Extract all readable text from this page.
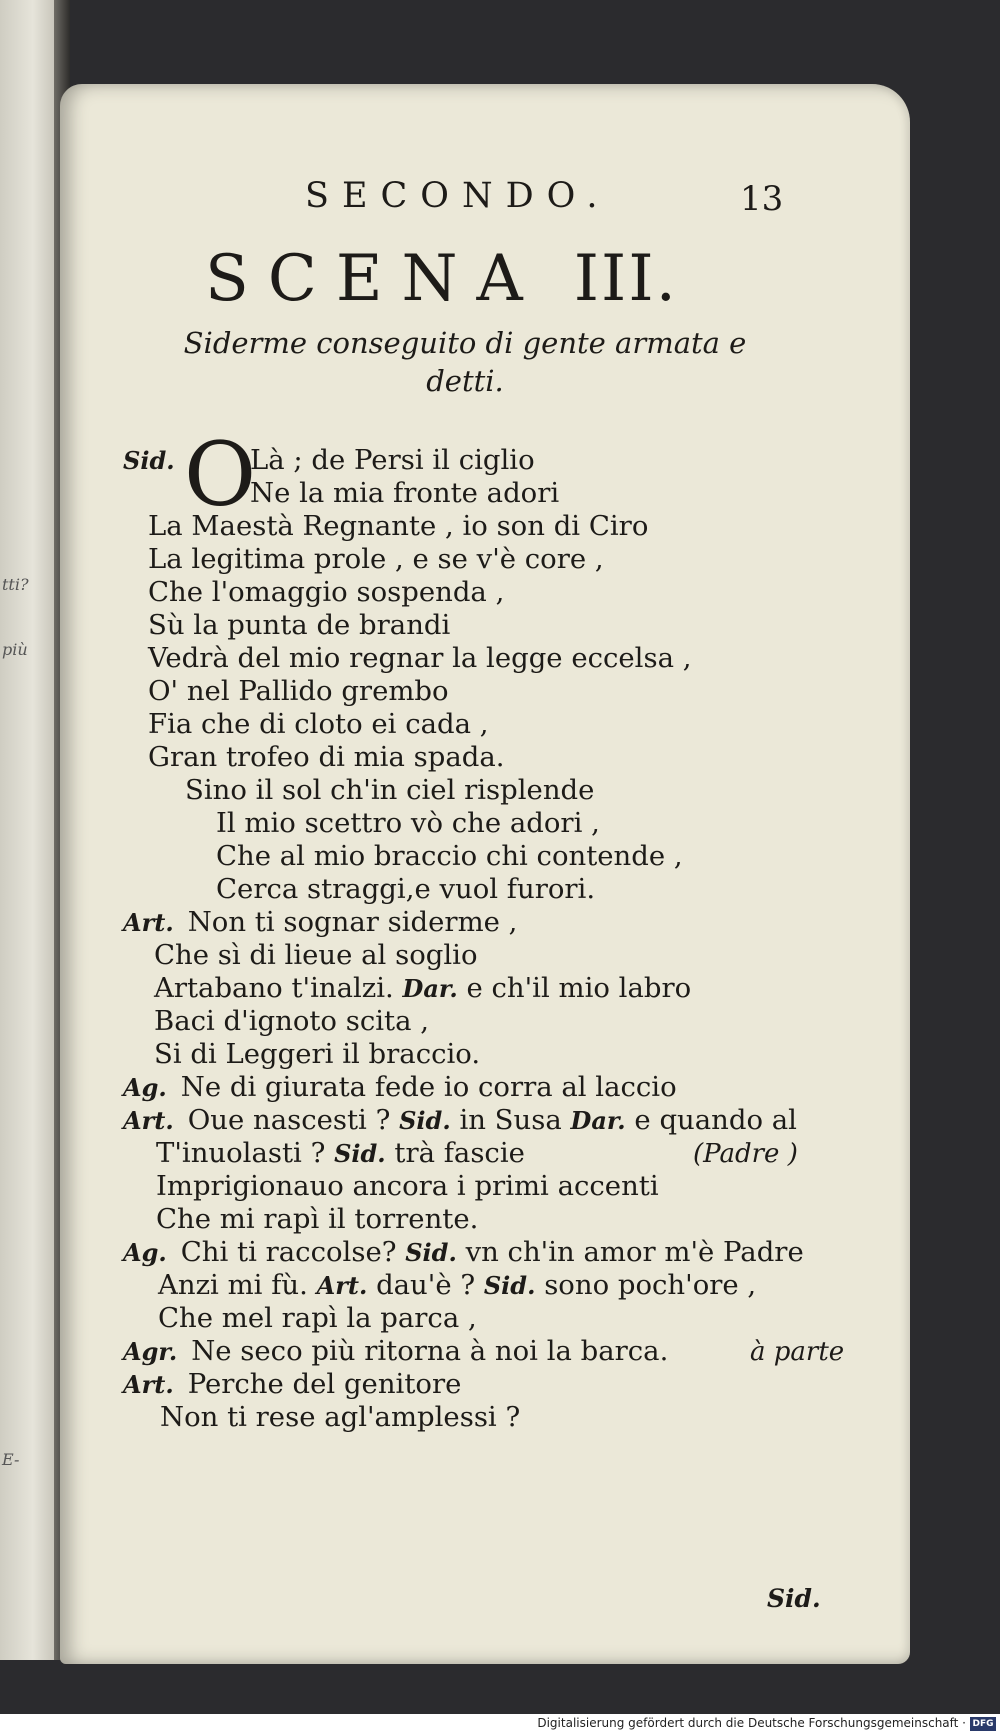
tti?
più
E-
SECONDO.	13
SCENA III.
Siderme conseguito di gente armata e detti.
O
Sid.	Là ; de Persi il ciglio
Ne la mia fronte adori
La Maestà Regnante , io son di Ciro
La legitima prole , e se v'è core ,
Che l'omaggio sospenda ,
Sù la punta de brandi
Vedrà del mio regnar la legge eccelsa ,
O' nel Pallido grembo
Fia che di cloto ei cada ,
Gran trofeo di mia spada.
Sino il sol ch'in ciel risplende
Il mio scettro vò che adori ,
Che al mio braccio chi contende ,
Cerca straggi,e vuol furori.
Art. Non ti sognar siderme ,
Che sì di lieue al soglio
Artabano t'inalzi. Dar. e ch'il mio labro
Baci d'ignoto scita ,
Si di Leggeri il braccio.
Ag. Ne di giurata fede io corra al laccio
Art. Oue nascesti ? Sid. in Susa Dar. e quando al
T'inuolasti ? Sid. trà fascie	(Padre )
Imprigionauo ancora i primi accenti
Che mi rapì il torrente.
Ag. Chi ti raccolse? Sid. vn ch'in amor m'è Padre
Anzi mi fù. Art. dau'è ? Sid. sono poch'ore ,
Che mel rapì la parca ,
Agr. Ne seco più ritorna à noi la barca.	à parte
Art. Perche del genitore
Non ti rese agl'amplessi ?
Sid.
Digitalisierung gefördert durch die Deutsche Forschungsgemeinschaft · DFG
